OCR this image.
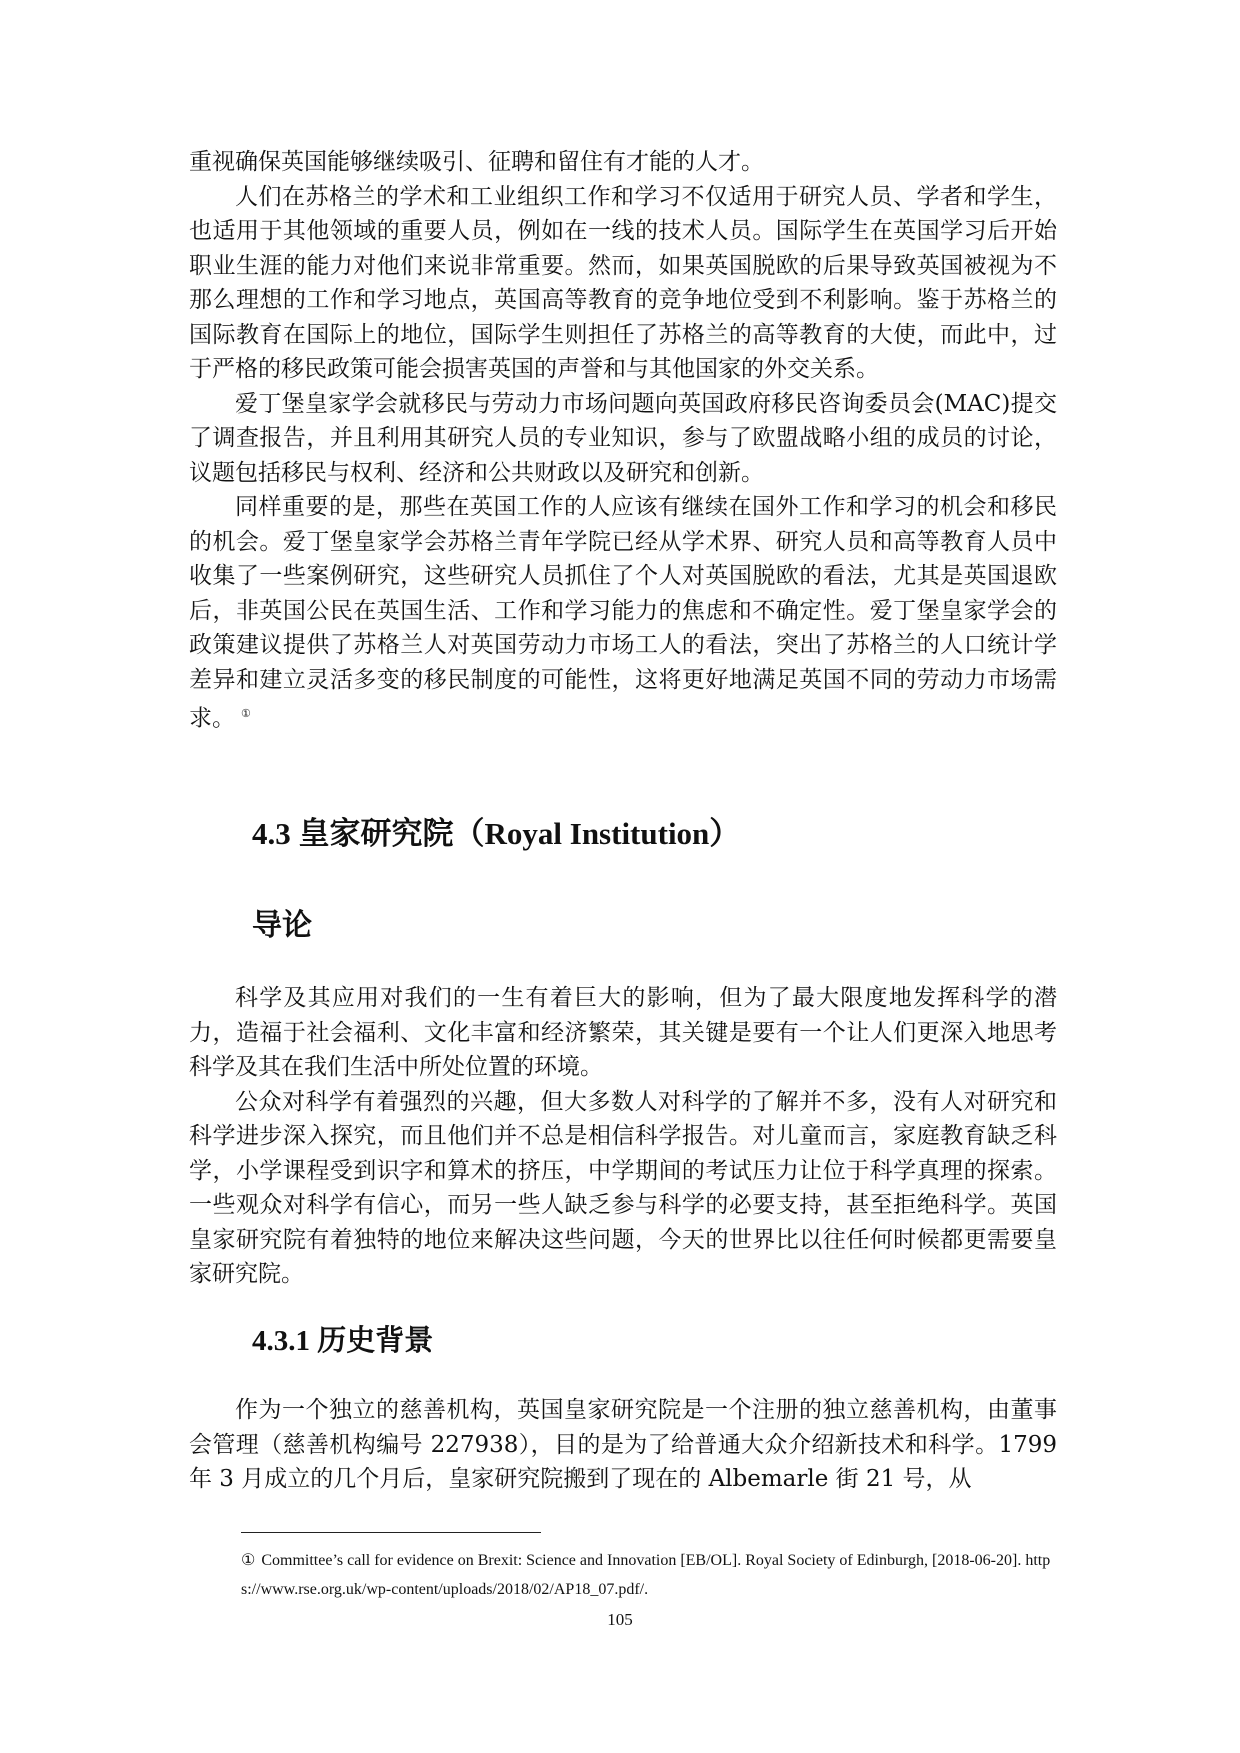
重视确保英国能够继续吸引、征聘和留住有才能的人才。

人们在苏格兰的学术和工业组织工作和学习不仅适用于研究人员、学者和学生，也适用于其他领域的重要人员，例如在一线的技术人员。国际学生在英国学习后开始职业生涯的能力对他们来说非常重要。然而，如果英国脱欧的后果导致英国被视为不那么理想的工作和学习地点，英国高等教育的竞争地位受到不利影响。鉴于苏格兰的国际教育在国际上的地位，国际学生则担任了苏格兰的高等教育的大使，而此中，过于严格的移民政策可能会损害英国的声誉和与其他国家的外交关系。

爱丁堡皇家学会就移民与劳动力市场问题向英国政府移民咨询委员会(MAC)提交了调查报告，并且利用其研究人员的专业知识，参与了欧盟战略小组的成员的讨论，议题包括移民与权利、经济和公共财政以及研究和创新。

同样重要的是，那些在英国工作的人应该有继续在国外工作和学习的机会和移民的机会。爱丁堡皇家学会苏格兰青年学院已经从学术界、研究人员和高等教育人员中收集了一些案例研究，这些研究人员抓住了个人对英国脱欧的看法，尤其是英国退欧后，非英国公民在英国生活、工作和学习能力的焦虑和不确定性。爱丁堡皇家学会的政策建议提供了苏格兰人对英国劳动力市场工人的看法，突出了苏格兰的人口统计学差异和建立灵活多变的移民制度的可能性，这将更好地满足英国不同的劳动力市场需求。 ①

4.3 皇家研究院（Royal Institution）
导论

科学及其应用对我们的一生有着巨大的影响，但为了最大限度地发挥科学的潜力，造福于社会福利、文化丰富和经济繁荣，其关键是要有一个让人们更深入地思考科学及其在我们生活中所处位置的环境。

公众对科学有着强烈的兴趣，但大多数人对科学的了解并不多，没有人对研究和科学进步深入探究，而且他们并不总是相信科学报告。对儿童而言，家庭教育缺乏科学，小学课程受到识字和算术的挤压，中学期间的考试压力让位于科学真理的探索。一些观众对科学有信心，而另一些人缺乏参与科学的必要支持，甚至拒绝科学。英国皇家研究院有着独特的地位来解决这些问题，今天的世界比以往任何时候都更需要皇家研究院。

4.3.1 历史背景

作为一个独立的慈善机构，英国皇家研究院是一个注册的独立慈善机构，由董事会管理（慈善机构编号 227938），目的是为了给普通大众介绍新技术和科学。1799 年 3 月成立的几个月后，皇家研究院搬到了现在的 Albemarle 街 21 号，从

① Committee’s call for evidence on Brexit: Science and Innovation [EB/OL]. Royal Society of Edinburgh, [2018-06-20]. https://www.rse.org.uk/wp-content/uploads/2018/02/AP18_07.pdf/.
105
